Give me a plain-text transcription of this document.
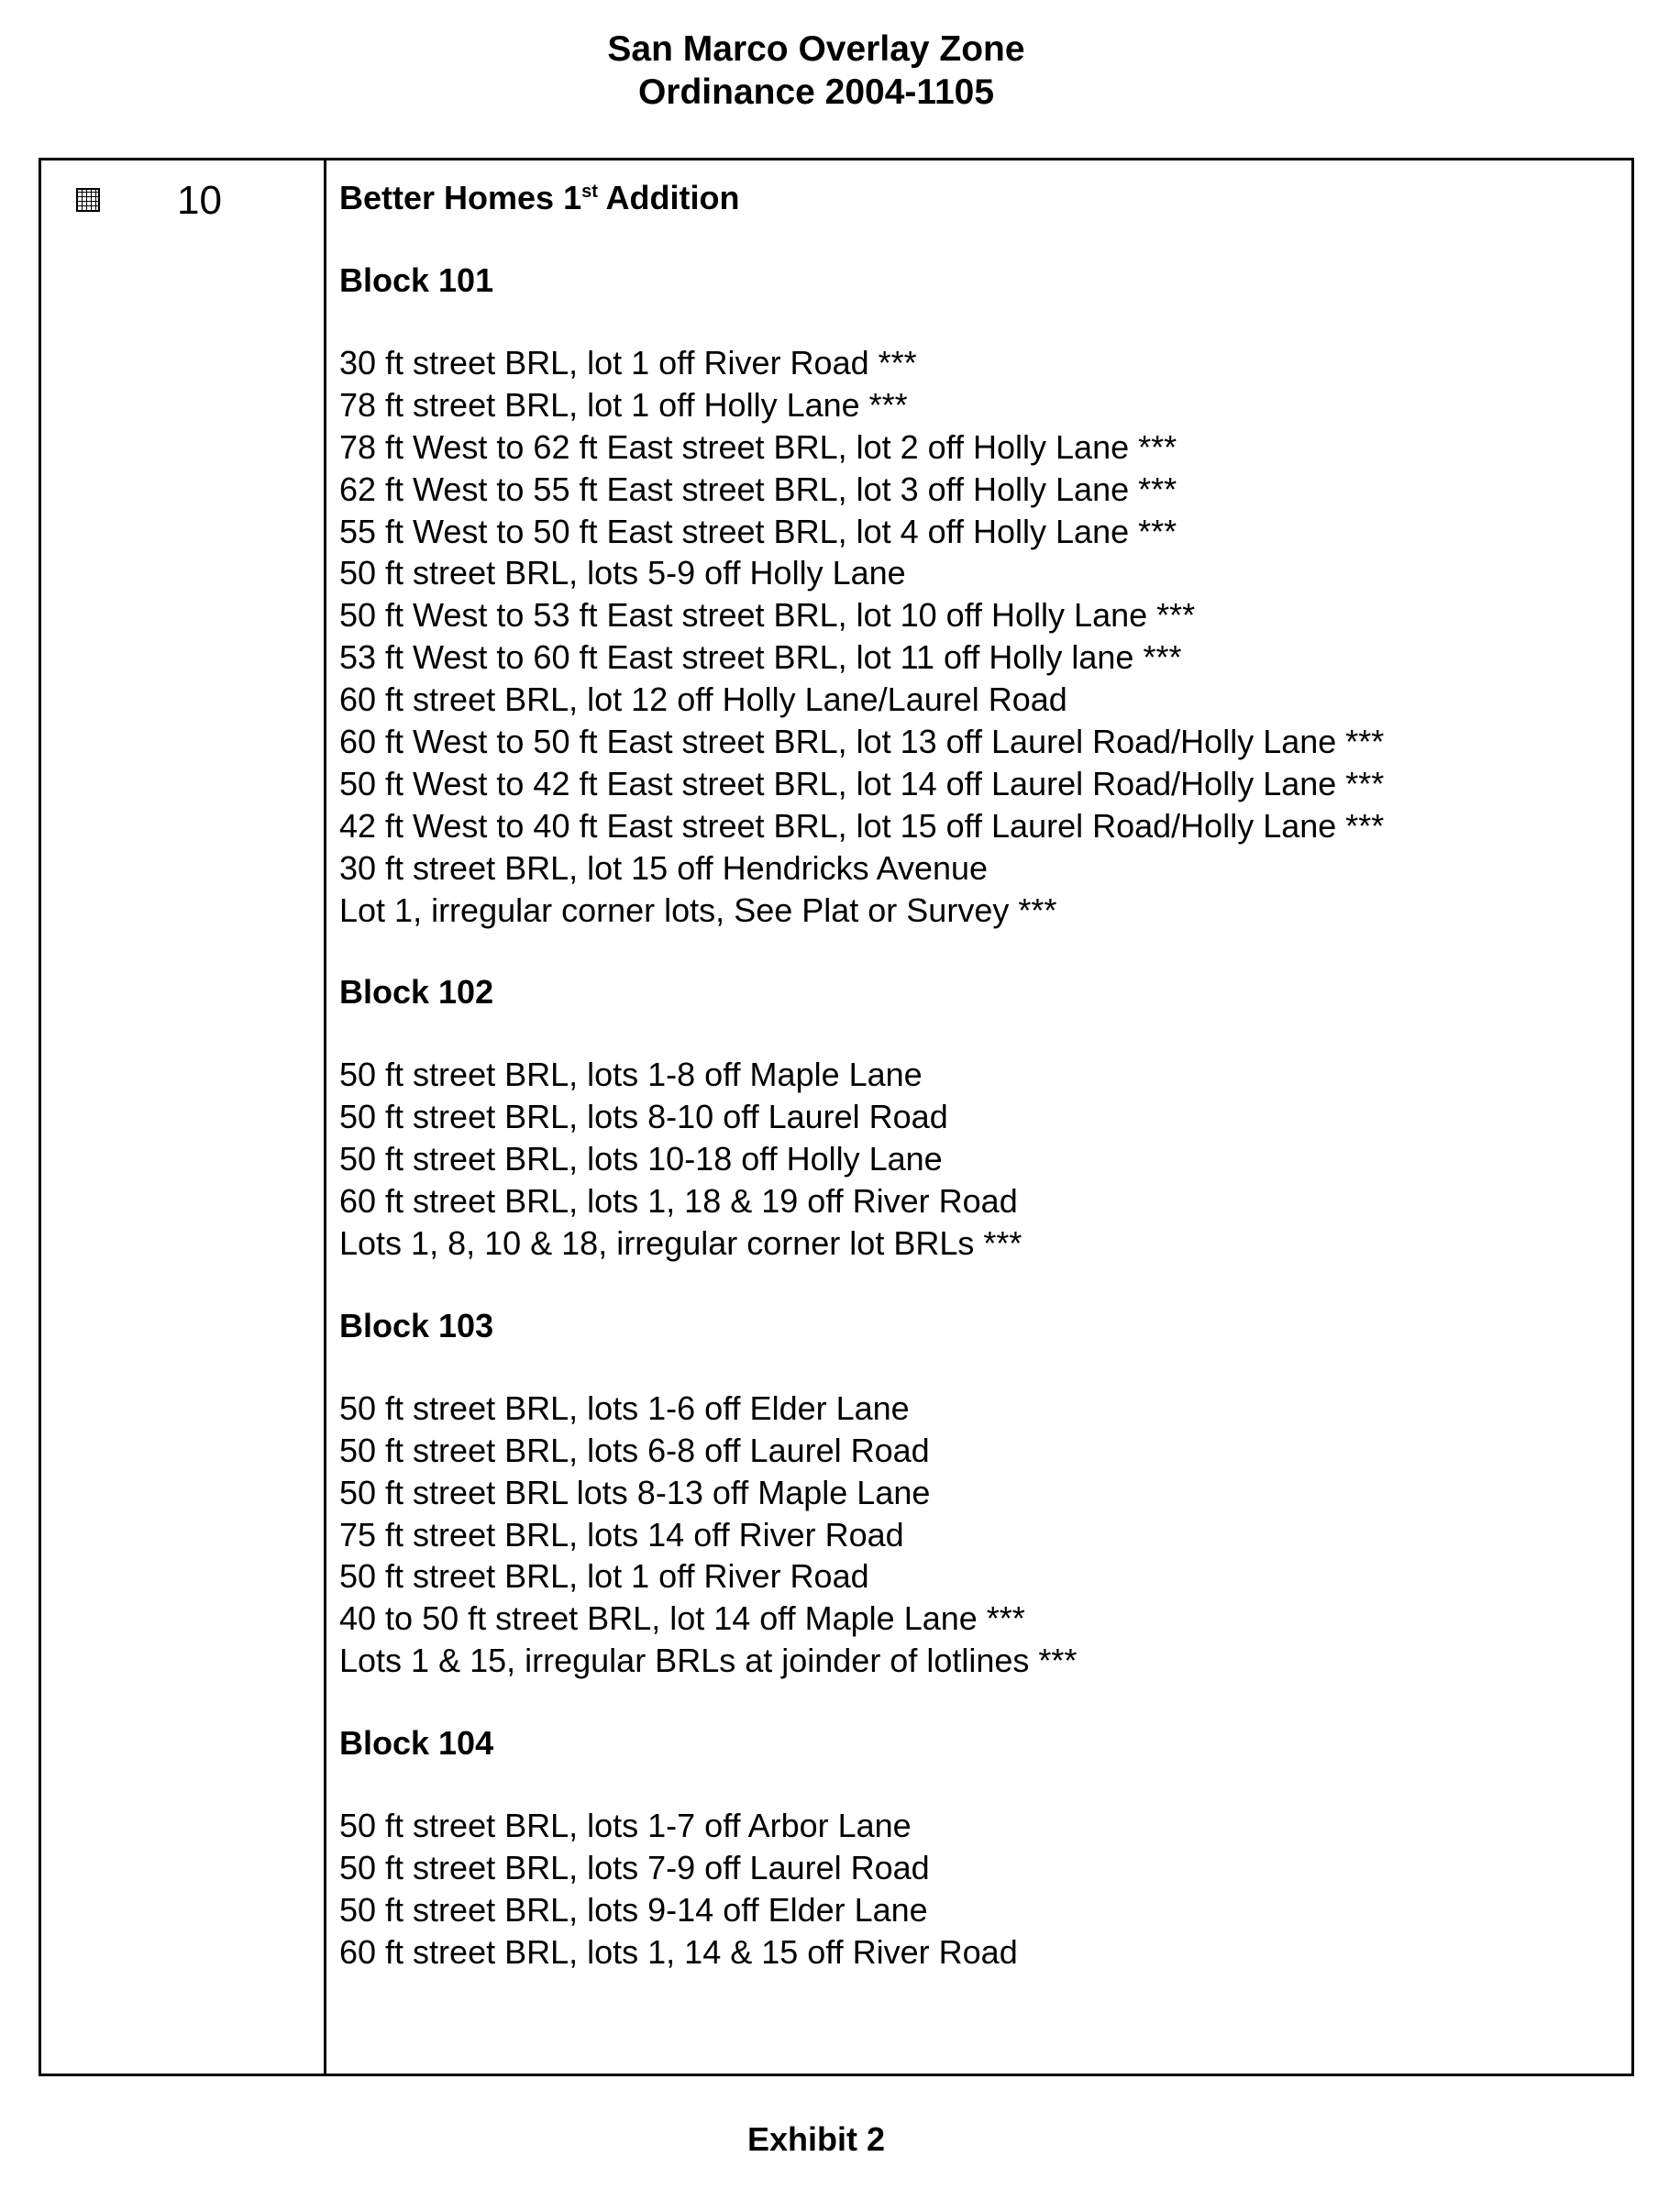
San Marco Overlay Zone
Ordinance 2004-1105
10	Better Homes 1st Addition
Block 101
30 ft street BRL, lot 1 off River Road ***
78 ft street BRL, lot 1 off Holly Lane ***
78 ft West to 62 ft East street BRL, lot 2 off Holly Lane ***
62 ft West to 55 ft East street BRL, lot 3 off Holly Lane ***
55 ft West to 50 ft East street BRL, lot 4 off Holly Lane ***
50 ft street BRL, lots 5-9 off Holly Lane
50 ft West to 53 ft East street BRL, lot 10 off Holly Lane ***
53 ft West to 60 ft East street BRL, lot 11 off Holly lane ***
60 ft street BRL, lot 12 off Holly Lane/Laurel Road
60 ft West to 50 ft East street BRL, lot 13 off Laurel Road/Holly Lane ***
50 ft West to 42 ft East street BRL, lot 14 off Laurel Road/Holly Lane ***
42 ft West to 40 ft East street BRL, lot 15 off Laurel Road/Holly Lane ***
30 ft street BRL, lot 15 off Hendricks Avenue
Lot 1, irregular corner lots, See Plat or Survey ***
Block 102
50 ft street BRL, lots 1-8 off Maple Lane
50 ft street BRL, lots 8-10 off Laurel Road
50 ft street BRL, lots 10-18 off Holly Lane
60 ft street BRL, lots 1, 18 & 19 off River Road
Lots 1, 8, 10 & 18, irregular corner lot BRLs ***
Block 103
50 ft street BRL, lots 1-6 off Elder Lane
50 ft street BRL, lots 6-8 off Laurel Road
50 ft street BRL lots 8-13 off Maple Lane
75 ft street BRL, lots 14 off River Road
50 ft street BRL, lot 1 off River Road
40 to 50 ft street BRL, lot 14 off Maple Lane ***
Lots 1 & 15, irregular BRLs at joinder of lotlines ***
Block 104
50 ft street BRL, lots 1-7 off Arbor Lane
50 ft street BRL, lots 7-9 off Laurel Road
50 ft street BRL, lots 9-14 off Elder Lane
60 ft street BRL, lots 1, 14 & 15 off River Road
Exhibit 2
